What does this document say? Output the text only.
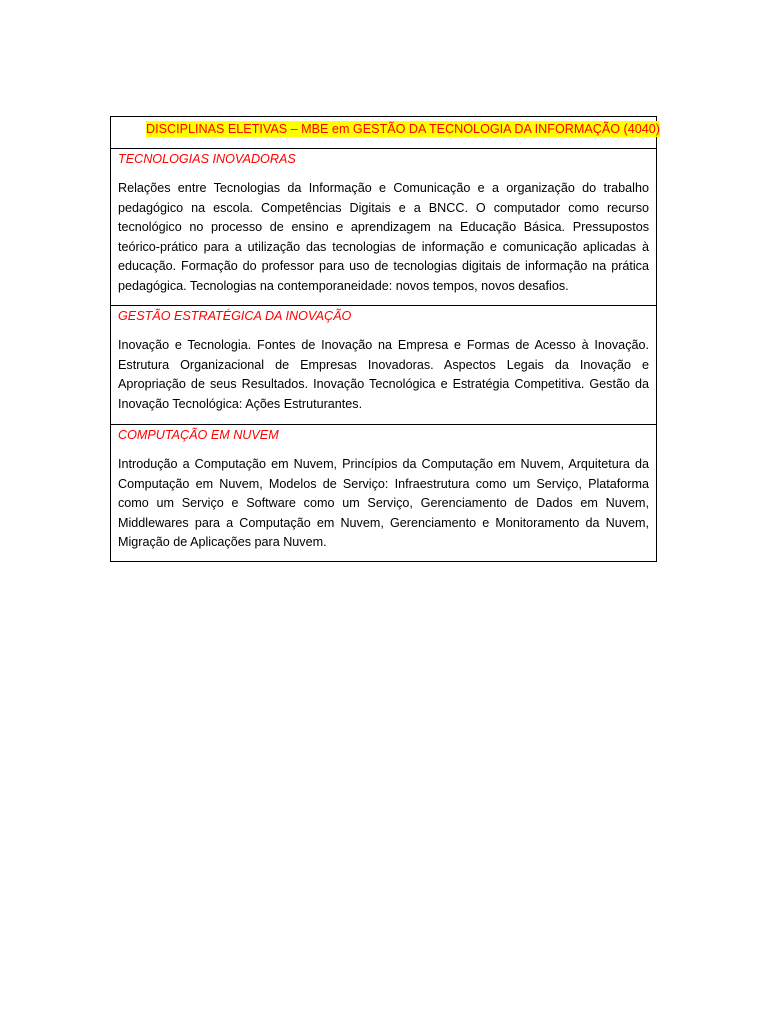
DISCIPLINAS ELETIVAS – MBE em GESTÃO DA TECNOLOGIA DA INFORMAÇÃO (4040)

TECNOLOGIAS INOVADORAS

Relações entre Tecnologias da Informação e Comunicação e a organização do trabalho pedagógico na escola. Competências Digitais e a BNCC. O computador como recurso tecnológico no processo de ensino e aprendizagem na Educação Básica. Pressupostos teórico-prático para a utilização das tecnologias de informação e comunicação aplicadas à educação. Formação do professor para uso de tecnologias digitais de informação na prática pedagógica. Tecnologias na contemporaneidade: novos tempos, novos desafios.

GESTÃO ESTRATÉGICA DA INOVAÇÃO

Inovação e Tecnologia. Fontes de Inovação na Empresa e Formas de Acesso à Inovação. Estrutura Organizacional de Empresas Inovadoras. Aspectos Legais da Inovação e Apropriação de seus Resultados. Inovação Tecnológica e Estratégia Competitiva. Gestão da Inovação Tecnológica: Ações Estruturantes.

COMPUTAÇÃO EM NUVEM

Introdução a Computação em Nuvem, Princípios da Computação em Nuvem, Arquitetura da Computação em Nuvem, Modelos de Serviço: Infraestrutura como um Serviço, Plataforma como um Serviço e Software como um Serviço, Gerenciamento de Dados em Nuvem, Middlewares para a Computação em Nuvem, Gerenciamento e Monitoramento da Nuvem, Migração de Aplicações para Nuvem.
